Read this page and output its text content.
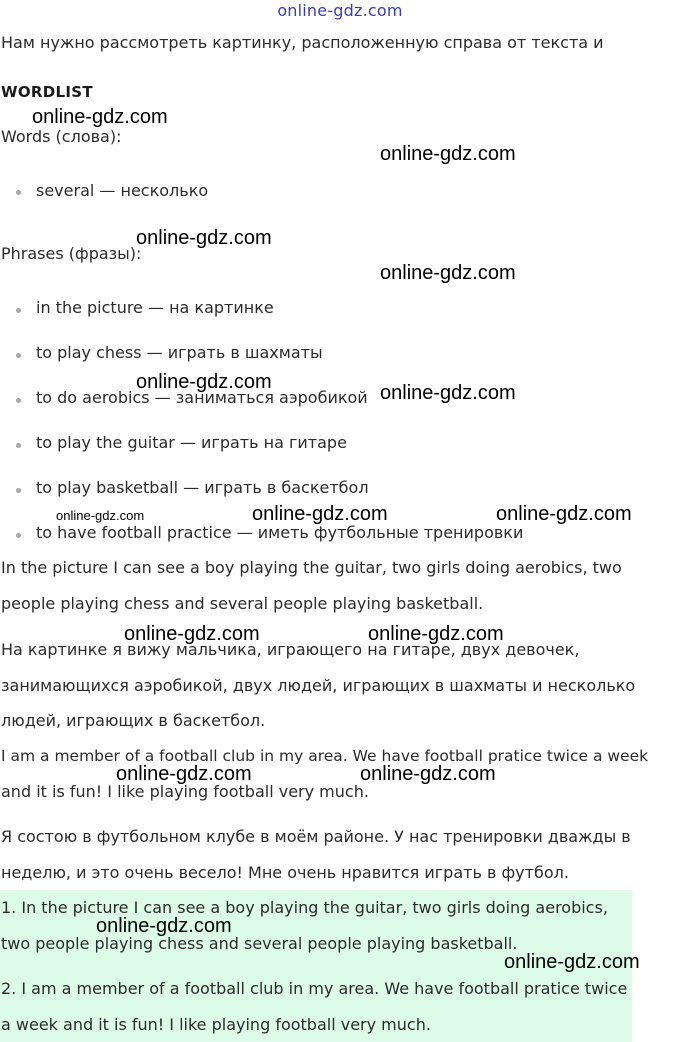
online-gdz.com
Нам нужно рассмотреть картинку, расположенную справа от текста и
WORDLIST
Words (слова):
several — несколько
Phrases (фразы):
in the picture — на картинке
to play chess — играть в шахматы
to do aerobics — заниматься аэробикой
to play the guitar — играть на гитаре
to play basketball — играть в баскетбол
to have football practice — иметь футбольные тренировки
In the picture I can see a boy playing the guitar, two girls doing aerobics, two
people playing chess and several people playing basketball.
На картинке я вижу мальчика, играющего на гитаре, двух девочек,
занимающихся аэробикой, двух людей, играющих в шахматы и несколько
людей, играющих в баскетбол.
I am a member of a football club in my area. We have football pratice twice a week
and it is fun! I like playing football very much.
Я состою в футбольном клубе в моём районе. У нас тренировки дважды в
неделю, и это очень весело! Мне очень нравится играть в футбол.
1. In the picture I can see a boy playing the guitar, two girls doing aerobics,
two people playing chess and several people playing basketball.
2. I am a member of a football club in my area. We have football pratice twice
a week and it is fun! I like playing football very much.
online-gdz.com
online-gdz.com
online-gdz.com
online-gdz.com
online-gdz.com	online-gdz.com
online-gdz.com	online-gdz.com	online-gdz.com
online-gdz.com	online-gdz.com
online-gdz.com	online-gdz.com
online-gdz.com
online-gdz.com
